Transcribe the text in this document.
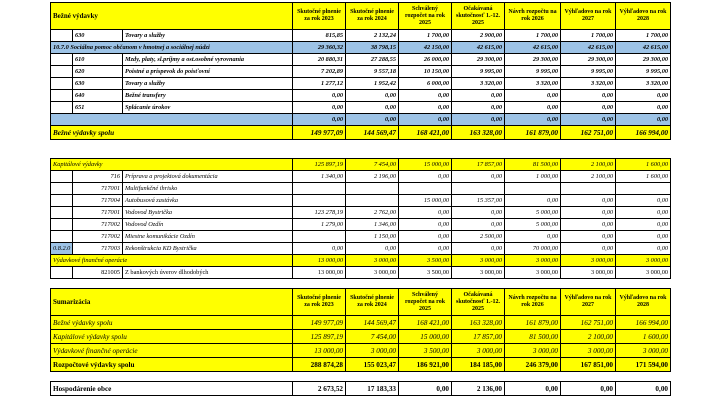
Bežné výdavky			Skutočné plnenie za rok 2023	Skutočné plnenie za rok 2024	Schválený rozpočet na rok 2025	Očakávaná skutočnosť 1.-12. 2025	Návrh rozpočtu na rok 2026	Výhľadovo na rok 2027	Výhľadovo na rok 2028
	630	Tovary a služby	815,85	2 132,24	1 700,00	2 900,00	1 700,00	1 700,00	1 700,00
10.7.0 Sociálna pomoc občanom v hmotnej a sociálnej núdzi			29 360,32	38 798,15	42 150,00	42 615,00	42 615,00	42 615,00	42 615,00
	610	Mzdy, platy, sl.príjmy a ost.osobné vyrovnania	20 880,31	27 288,55	26 000,00	29 300,00	29 300,00	29 300,00	29 300,00
	620	Poistné a príspevok do poisťovní	7 202,89	9 557,18	10 150,00	9 995,00	9 995,00	9 995,00	9 995,00
	630	Tovary a služby	1 277,12	1 952,42	6 000,00	3 320,00	3 320,00	3 320,00	3 320,00
	640	Bežné transfery	0,00	0,00	0,00	0,00	0,00	0,00	0,00
	651	Splácanie úrokov	0,00	0,00	0,00	0,00	0,00	0,00	0,00
			0,00	0,00	0,00	0,00	0,00	0,00	0,00
Bežné výdavky spolu			149 977,09	144 569,47	168 421,00	163 328,00	161 879,00	162 751,00	166 994,00

Kapitálové výdavky			125 897,19	7 454,00	15 000,00	17 857,00	81 500,00	2 100,00	1 600,00
	716	Príprava a projektová dokumentácia	1 340,00	2 196,00	0,00	0,00	1 000,00	2 100,00	1 600,00
	717001	Multifunkčné ihrisko							
	717004	Autobusová zastávka			15 000,00	15 357,00	0,00	0,00	0,00
	717001	Vodovod Bystrička	123 278,19	2 762,00	0,00	0,00	5 000,00	0,00	0,00
	717002	Vodovod Ozdín	1 279,00	1 346,00	0,00	0,00	5 000,00	0,00	0,00
	717002	Miestne komunikácie Ozdín		1 150,00	0,00	2 500,00	0,00	0,00	0,00
0.8.2.0	717003	Rekonštrukcia KD Bystrička	0,00	0,00	0,00	0,00	70 000,00	0,00	0,00
Výdavkové finančné operácie			13 000,00	3 000,00	3 500,00	3 000,00	3 000,00	3 000,00	3 000,00
	821005	Z bankových úverov dlhodobých	13 000,00	3 000,00	3 500,00	3 000,00	3 000,00	3 000,00	3 000,00

Sumarizácia			Skutočné plnenie za rok 2023	Skutočné plnenie za rok 2024	Schválený rozpočet na rok 2025	Očakávaná skutočnosť 1.-12. 2025	Návrh rozpočtu na rok 2026	Výhľadovo na rok 2027	Výhľadovo na rok 2028
Bežné výdavky spolu			149 977,09	144 569,47	168 421,00	163 328,00	161 879,00	162 751,00	166 994,00
Kapitálové výdavky spolu			125 897,19	7 454,00	15 000,00	17 857,00	81 500,00	2 100,00	1 600,00
Výdavkové finančné operácie			13 000,00	3 000,00	3 500,00	3 000,00	3 000,00	3 000,00	3 000,00
Rozpočtové výdavky spolu			288 874,28	155 023,47	186 921,00	184 185,00	246 379,00	167 851,00	171 594,00

Hospodárenie obce			2 673,52	17 183,33	0,00	2 136,00	0,00	0,00	0,00
